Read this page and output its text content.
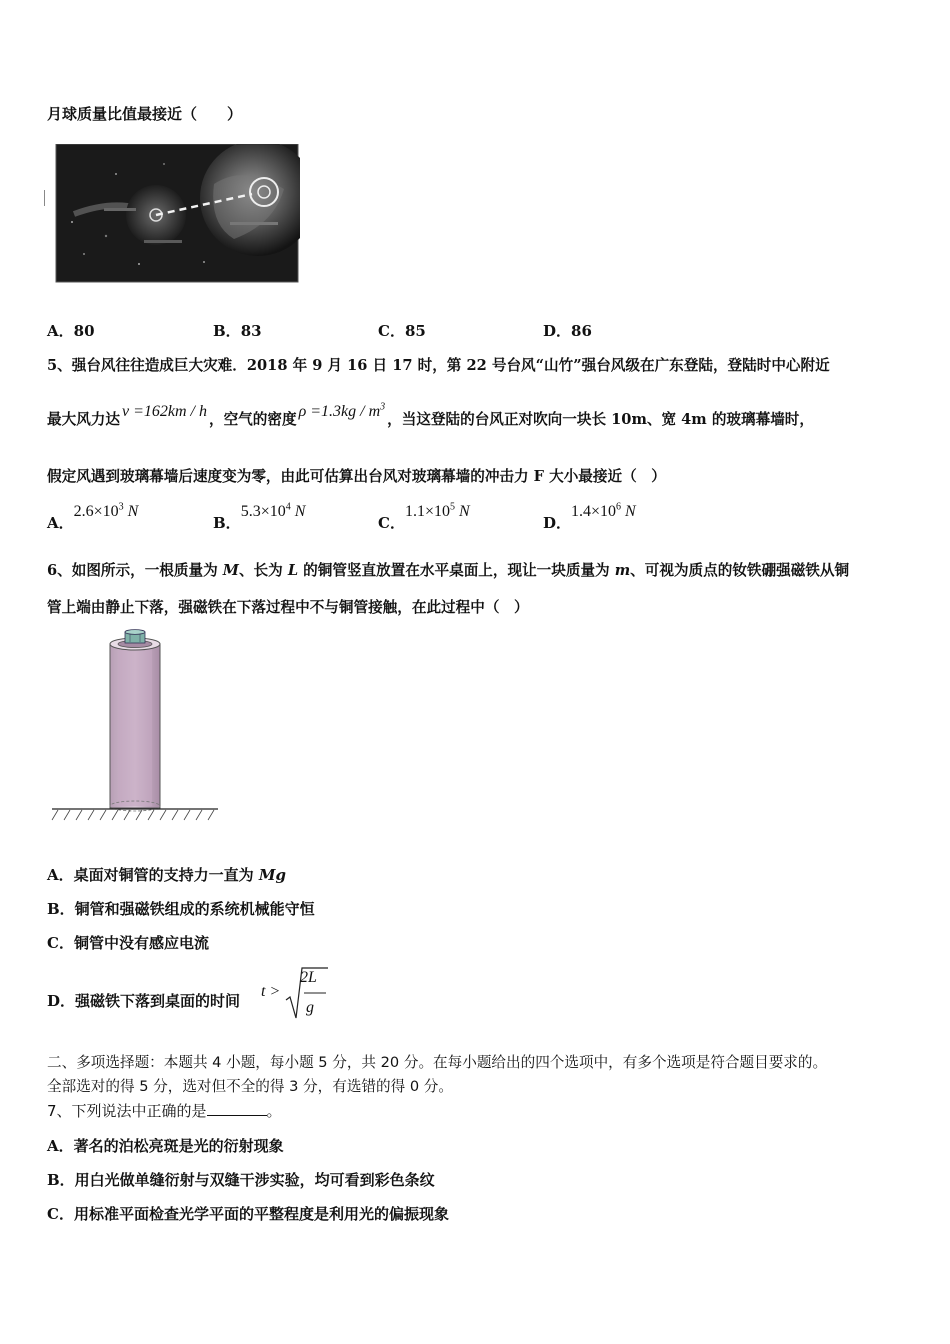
月球质量比值最接近（　　）
A．80	B．83	C．85	D．86
5、强台风往往造成巨大灾难．2018 年 9 月 16 日 17 时，第 22 号台风“山竹”强台风级在广东登陆，登陆时中心附近
最大风力达 v =162km / h ，空气的密度 $\rho =1.3kg / m^3$，当这登陆的台风正对吹向一块长 10m、宽 4m 的玻璃幕墙时，
假定风遇到玻璃幕墙后速度变为零，由此可估算出台风对玻璃幕墙的冲击力 F 大小最接近（　）
A．$2.6\times 10^3$ N
B．$5.3\times 10^4$ N
C．$1.1\times 10^5$ N
D．$1.4\times 10^6$ N
6、如图所示，一根质量为 M、长为 L 的铜管竖直放置在水平桌面上，现让一块质量为 m、可视为质点的钕铁硼强磁铁从铜
管上端由静止下落，强磁铁在下落过程中不与铜管接触，在此过程中（　）
A．桌面对铜管的支持力一直为 Mg
B．铜管和强磁铁组成的系统机械能守恒
C．铜管中没有感应电流
D．强磁铁下落到桌面的时间
t >
2L
g
二、多项选择题：本题共 4 小题，每小题 5 分，共 20 分。在每小题给出的四个选项中，有多个选项是符合题目要求的。
全部选对的得 5 分，选对但不全的得 3 分，有选错的得 0 分。
7、下列说法中正确的是	。
A．著名的泊松亮斑是光的衍射现象
B．用白光做单缝衍射与双缝干涉实验，均可看到彩色条纹
C．用标准平面检查光学平面的平整程度是利用光的偏振现象
